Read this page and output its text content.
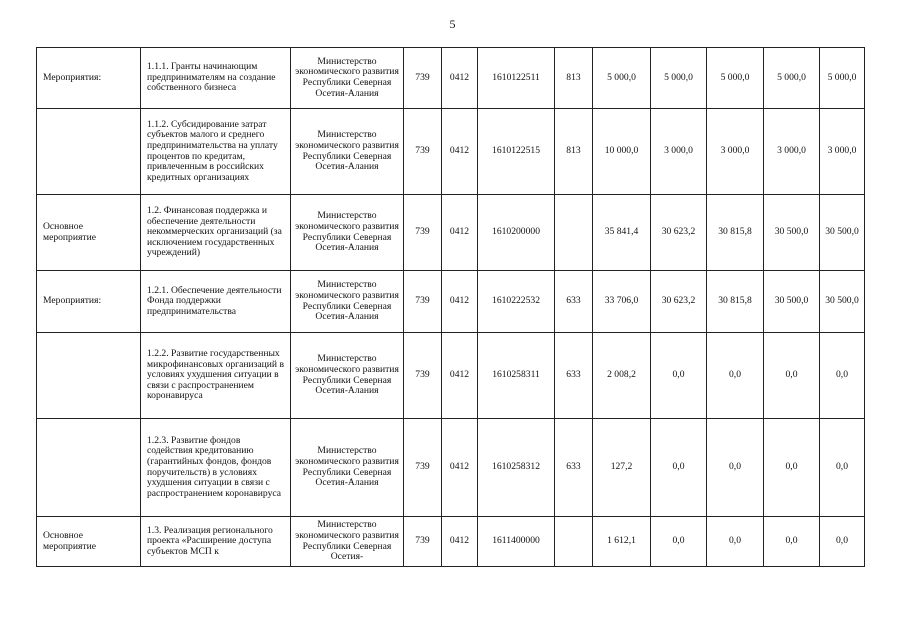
5
Мероприятия:	1.1.1. Гранты начинающим предпринимателям на создание собственного бизнеса	Министерство экономического развития Республики Северная Осетия-Алания	739	0412	1610122511	813	5 000,0	5 000,0	5 000,0	5 000,0	5 000,0
	1.1.2. Субсидирование затрат субъектов малого и среднего предпринимательства на уплату процентов по кредитам, привлеченным в российских кредитных организациях	Министерство экономического развития Республики Северная Осетия-Алания	739	0412	1610122515	813	10 000,0	3 000,0	3 000,0	3 000,0	3 000,0
Основное мероприятие	1.2. Финансовая поддержка и обеспечение деятельности некоммерческих организаций (за исключением государственных учреждений)	Министерство экономического развития Республики Северная Осетия-Алания	739	0412	1610200000		35 841,4	30 623,2	30 815,8	30 500,0	30 500,0
Мероприятия:	1.2.1. Обеспечение деятельности Фонда поддержки предпринимательства	Министерство экономического развития Республики Северная Осетия-Алания	739	0412	1610222532	633	33 706,0	30 623,2	30 815,8	30 500,0	30 500,0
	1.2.2. Развитие государственных микрофинансовых организаций в условиях ухудшения ситуации в связи с распространением коронавируса	Министерство экономического развития Республики Северная Осетия-Алания	739	0412	1610258311	633	2 008,2	0,0	0,0	0,0	0,0
	1.2.3. Развитие фондов содействия кредитованию (гарантийных фондов, фондов поручительств) в условиях ухудшения ситуации в связи с распространением коронавируса	Министерство экономического развития Республики Северная Осетия-Алания	739	0412	1610258312	633	127,2	0,0	0,0	0,0	0,0
Основное мероприятие	1.3. Реализация регионального проекта «Расширение доступа субъектов МСП к	Министерство экономического развития Республики Северная Осетия-	739	0412	1611400000		1 612,1	0,0	0,0	0,0	0,0
